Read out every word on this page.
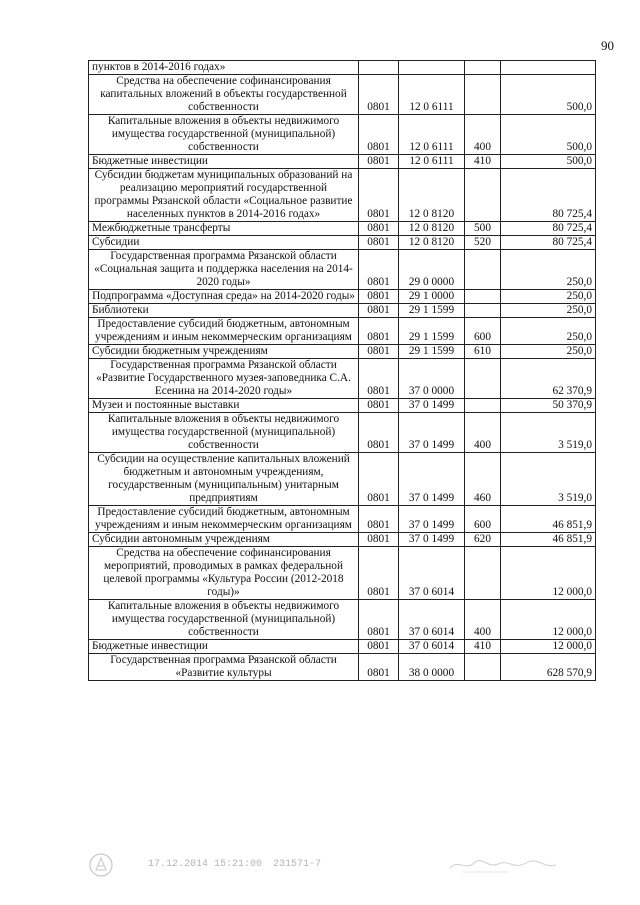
90
пунктов в 2014-2016 годах»				
Средства на обеспечение софинансирования капитальных вложений в объекты государственной собственности	0801	12 0 6111		500,0
Капитальные вложения в объекты недвижимого имущества государственной (муниципальной) собственности	0801	12 0 6111	400	500,0
Бюджетные инвестиции	0801	12 0 6111	410	500,0
Субсидии бюджетам муниципальных образований на реализацию мероприятий государственной программы Рязанской области «Социальное развитие населенных пунктов в 2014-2016 годах»	0801	12 0 8120		80 725,4
Межбюджетные трансферты	0801	12 0 8120	500	80 725,4
Субсидии	0801	12 0 8120	520	80 725,4
Государственная программа Рязанской области «Социальная защита и поддержка населения на 2014-2020 годы»	0801	29 0 0000		250,0
Подпрограмма «Доступная среда» на 2014-2020 годы»	0801	29 1 0000		250,0
Библиотеки	0801	29 1 1599		250,0
Предоставление субсидий бюджетным, автономным учреждениям и иным некоммерческим организациям	0801	29 1 1599	600	250,0
Субсидии бюджетным учреждениям	0801	29 1 1599	610	250,0
Государственная программа Рязанской области «Развитие Государственного музея-заповедника С.А. Есенина на 2014-2020 годы»	0801	37 0 0000		62 370,9
Музеи и постоянные выставки	0801	37 0 1499		50 370,9
Капитальные вложения в объекты недвижимого имущества государственной (муниципальной) собственности	0801	37 0 1499	400	3 519,0
Субсидии на осуществление капитальных вложений бюджетным и автономным учреждениям, государственным (муниципальным) унитарным предприятиям	0801	37 0 1499	460	3 519,0
Предоставление субсидий бюджетным, автономным учреждениям и иным некоммерческим организациям	0801	37 0 1499	600	46 851,9
Субсидии автономным учреждениям	0801	37 0 1499	620	46 851,9
Средства на обеспечение софинансирования мероприятий, проводимых в рамках федеральной целевой программы «Культура России (2012-2018 годы)»	0801	37 0 6014		12 000,0
Капитальные вложения в объекты недвижимого имущества государственной (муниципальной) собственности	0801	37 0 6014	400	12 000,0
Бюджетные инвестиции	0801	37 0 6014	410	12 000,0
Государственная программа Рязанской области «Развитие культуры	0801	38 0 0000		628 570,9
17.12.2014 15:21:00 231571-7
